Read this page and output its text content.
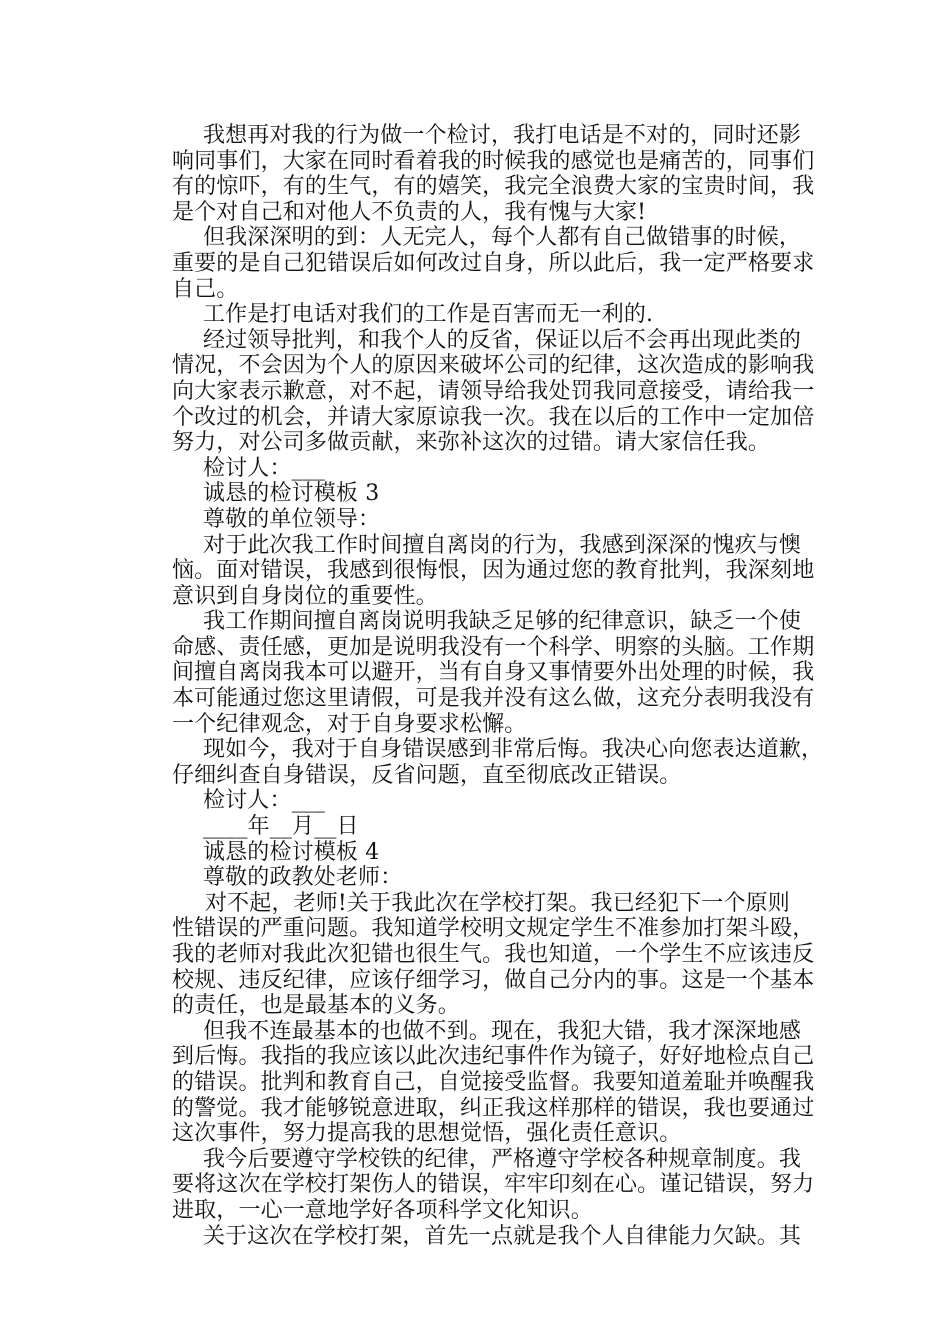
我想再对我的行为做一个检讨，我打电话是不对的，同时还影
响同事们，大家在同时看着我的时候我的感觉也是痛苦的，同事们
有的惊吓，有的生气，有的嬉笑，我完全浪费大家的宝贵时间，我
是个对自己和对他人不负责的人，我有愧与大家!
但我深深明的到：人无完人，每个人都有自己做错事的时候，
重要的是自己犯错误后如何改过自身，所以此后，我一定严格要求
自己。
工作是打电话对我们的工作是百害而无一利的.
经过领导批判，和我个人的反省，保证以后不会再出现此类的
情况，不会因为个人的原因来破坏公司的纪律，这次造成的影响我
向大家表示歉意，对不起，请领导给我处罚我同意接受，请给我一
个改过的机会，并请大家原谅我一次。我在以后的工作中一定加倍
努力，对公司多做贡献，来弥补这次的过错。请大家信任我。
检讨人：___
诚恳的检讨模板 3
尊敬的单位领导：
对于此次我工作时间擅自离岗的行为，我感到深深的愧疚与懊
恼。面对错误，我感到很悔恨，因为通过您的教育批判，我深刻地
意识到自身岗位的重要性。
我工作期间擅自离岗说明我缺乏足够的纪律意识，缺乏一个使
命感、责任感，更加是说明我没有一个科学、明察的头脑。工作期
间擅自离岗我本可以避开，当有自身又事情要外出处理的时候，我
本可能通过您这里请假，可是我并没有这么做，这充分表明我没有
一个纪律观念，对于自身要求松懈。
现如今，我对于自身错误感到非常后悔。我决心向您表达道歉，
仔细纠查自身错误，反省问题，直至彻底改正错误。
检讨人：___
____年__月__日
诚恳的检讨模板 4
尊敬的政教处老师：
对不起，老师!关于我此次在学校打架。我已经犯下一个原则
性错误的严重问题。我知道学校明文规定学生不准参加打架斗殴，
我的老师对我此次犯错也很生气。我也知道，一个学生不应该违反
校规、违反纪律，应该仔细学习，做自己分内的事。这是一个基本
的责任，也是最基本的义务。
但我不连最基本的也做不到。现在，我犯大错，我才深深地感
到后悔。我指的我应该以此次违纪事件作为镜子，好好地检点自己
的错误。批判和教育自己，自觉接受监督。我要知道羞耻并唤醒我
的警觉。我才能够锐意进取，纠正我这样那样的错误，我也要通过
这次事件，努力提高我的思想觉悟，强化责任意识。
我今后要遵守学校铁的纪律，严格遵守学校各种规章制度。我
要将这次在学校打架伤人的错误，牢牢印刻在心。谨记错误，努力
进取，一心一意地学好各项科学文化知识。
关于这次在学校打架，首先一点就是我个人自律能力欠缺。其
